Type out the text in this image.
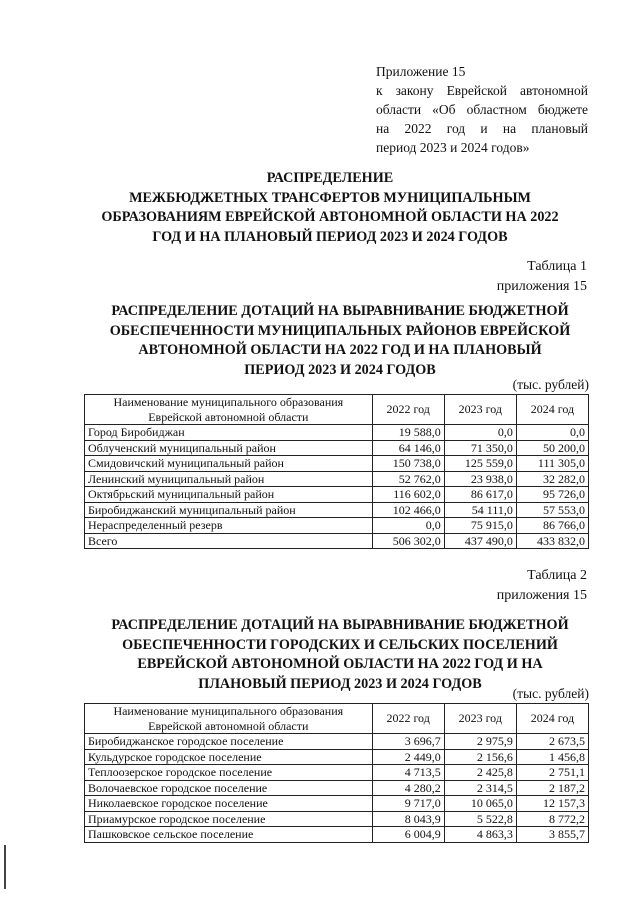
Приложение 15
к закону Еврейской автономной
области «Об областном бюджете
на 2022 год и на плановый
период 2023 и 2024 годов»
РАСПРЕДЕЛЕНИЕ
МЕЖБЮДЖЕТНЫХ ТРАНСФЕРТОВ МУНИЦИПАЛЬНЫМ
ОБРАЗОВАНИЯМ ЕВРЕЙСКОЙ АВТОНОМНОЙ ОБЛАСТИ НА 2022
ГОД И НА ПЛАНОВЫЙ ПЕРИОД 2023 И 2024 ГОДОВ
Таблица 1
приложения 15
РАСПРЕДЕЛЕНИЕ ДОТАЦИЙ НА ВЫРАВНИВАНИЕ БЮДЖЕТНОЙ
ОБЕСПЕЧЕННОСТИ МУНИЦИПАЛЬНЫХ РАЙОНОВ ЕВРЕЙСКОЙ
АВТОНОМНОЙ ОБЛАСТИ НА 2022 ГОД И НА ПЛАНОВЫЙ
ПЕРИОД 2023 И 2024 ГОДОВ
(тыс. рублей)
Наименование муниципального образования
Еврейской автономной области	2022 год	2023 год	2024 год
Город Биробиджан	19 588,0	0,0	0,0
Облученский муниципальный район	64 146,0	71 350,0	50 200,0
Смидовичский муниципальный район	150 738,0	125 559,0	111 305,0
Ленинский муниципальный район	52 762,0	23 938,0	32 282,0
Октябрьский муниципальный район	116 602,0	86 617,0	95 726,0
Биробиджанский муниципальный район	102 466,0	54 111,0	57 553,0
Нераспределенный резерв	0,0	75 915,0	86 766,0
Всего	506 302,0	437 490,0	433 832,0
Таблица 2
приложения 15
РАСПРЕДЕЛЕНИЕ ДОТАЦИЙ НА ВЫРАВНИВАНИЕ БЮДЖЕТНОЙ
ОБЕСПЕЧЕННОСТИ ГОРОДСКИХ И СЕЛЬСКИХ ПОСЕЛЕНИЙ
ЕВРЕЙСКОЙ АВТОНОМНОЙ ОБЛАСТИ НА 2022 ГОД И НА
ПЛАНОВЫЙ ПЕРИОД 2023 И 2024 ГОДОВ
(тыс. рублей)
Наименование муниципального образования
Еврейской автономной области	2022 год	2023 год	2024 год
Биробиджанское городское поселение	3 696,7	2 975,9	2 673,5
Кульдурское городское поселение	2 449,0	2 156,6	1 456,8
Теплоозерское городское поселение	4 713,5	2 425,8	2 751,1
Волочаевское городское поселение	4 280,2	2 314,5	2 187,2
Николаевское городское поселение	9 717,0	10 065,0	12 157,3
Приамурское городское поселение	8 043,9	5 522,8	8 772,2
Пашковское сельское поселение	6 004,9	4 863,3	3 855,7
